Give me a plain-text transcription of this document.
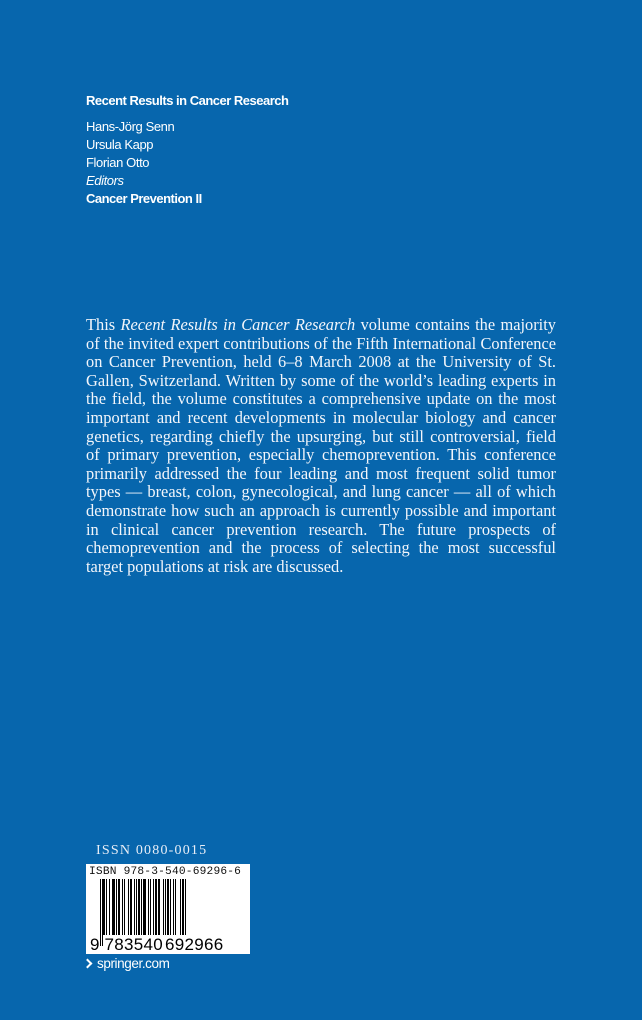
Recent Results in Cancer Research
Hans-Jörg Senn
Ursula Kapp
Florian Otto
Editors
Cancer Prevention II

This Recent Results in Cancer Research volume contains the majority of the invited expert contributions of the Fifth International Conference on Cancer Prevention, held 6–8 March 2008 at the University of St. Gallen, Switzerland. Written by some of the world’s leading experts in the field, the volume constitutes a comprehensive update on the most important and recent developments in molecular biology and cancer genetics, regarding chiefly the upsurging, but still controversial, field of primary prevention, especially chemoprevention. This conference primarily addressed the four leading and most frequent solid tumor types — breast, colon, gynecological, and lung cancer — all of which demonstrate how such an approach is currently possible and important in clinical cancer prevention research. The future prospects of chemoprevention and the process of selecting the most successful target populations at risk are discussed.

ISSN 0080-0015
ISBN 978-3-540-69296-6
9 783540 692966
springer.com
